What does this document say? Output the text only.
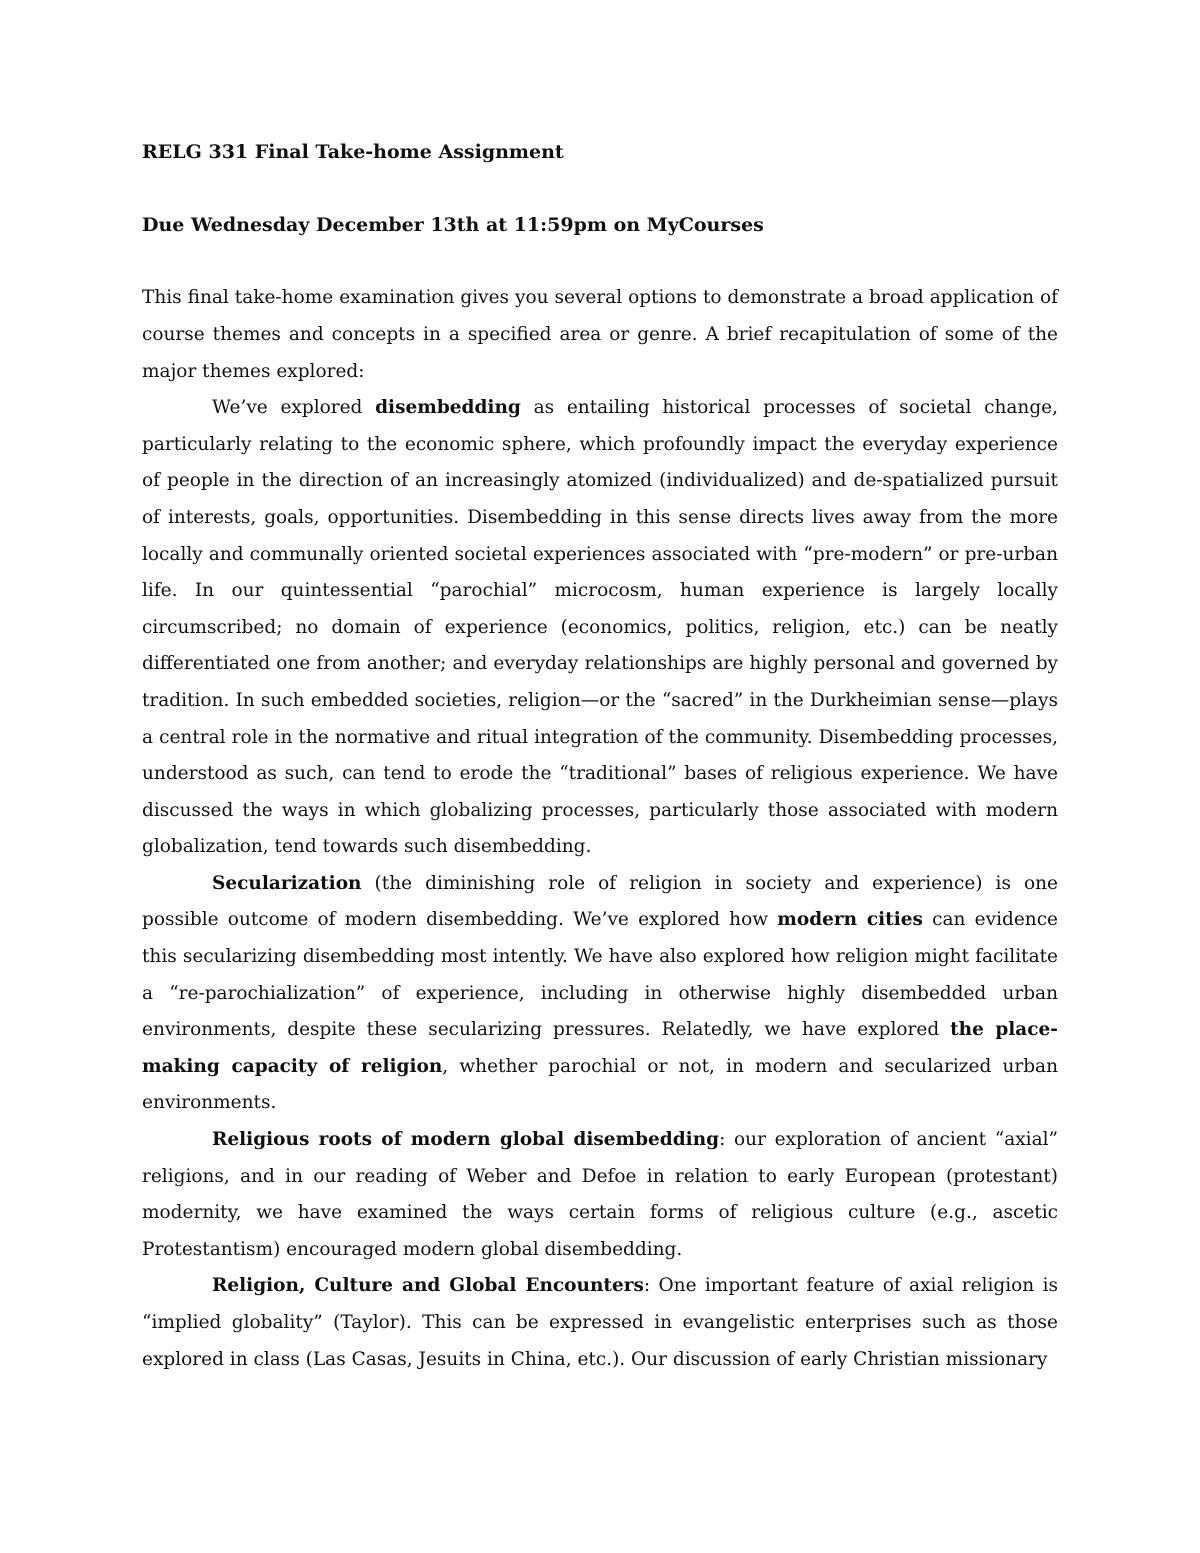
RELG 331 Final Take-home Assignment

Due Wednesday December 13th at 11:59pm on MyCourses

This final take-home examination gives you several options to demonstrate a broad application of course themes and concepts in a specified area or genre. A brief recapitulation of some of the major themes explored:

We’ve explored disembedding as entailing historical processes of societal change, particularly relating to the economic sphere, which profoundly impact the everyday experience of people in the direction of an increasingly atomized (individualized) and de-spatialized pursuit of interests, goals, opportunities. Disembedding in this sense directs lives away from the more locally and communally oriented societal experiences associated with “pre-modern” or pre-urban life. In our quintessential “parochial” microcosm, human experience is largely locally circumscribed; no domain of experience (economics, politics, religion, etc.) can be neatly differentiated one from another; and everyday relationships are highly personal and governed by tradition. In such embedded societies, religion—or the “sacred” in the Durkheimian sense—plays a central role in the normative and ritual integration of the community. Disembedding processes, understood as such, can tend to erode the “traditional” bases of religious experience. We have discussed the ways in which globalizing processes, particularly those associated with modern globalization, tend towards such disembedding.

Secularization (the diminishing role of religion in society and experience) is one possible outcome of modern disembedding. We’ve explored how modern cities can evidence this secularizing disembedding most intently. We have also explored how religion might facilitate a “re-parochialization” of experience, including in otherwise highly disembedded urban environments, despite these secularizing pressures. Relatedly, we have explored the place-making capacity of religion, whether parochial or not, in modern and secularized urban environments.

Religious roots of modern global disembedding: our exploration of ancient “axial” religions, and in our reading of Weber and Defoe in relation to early European (protestant) modernity, we have examined the ways certain forms of religious culture (e.g., ascetic Protestantism) encouraged modern global disembedding.

Religion, Culture and Global Encounters: One important feature of axial religion is “implied globality” (Taylor). This can be expressed in evangelistic enterprises such as those explored in class (Las Casas, Jesuits in China, etc.). Our discussion of early Christian missionary
